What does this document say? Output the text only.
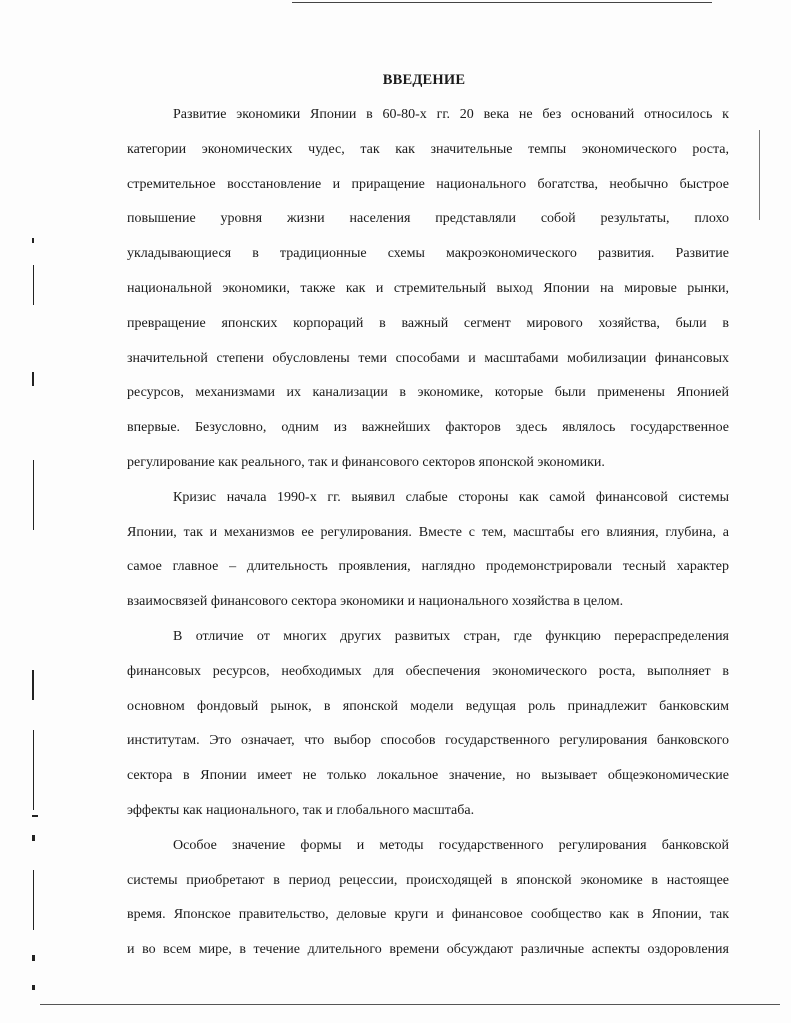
ВВЕДЕНИЕ
Развитие экономики Японии в 60-80-х гг. 20 века не без оснований относилось к
категории экономических чудес, так как значительные темпы экономического роста,
стремительное восстановление и приращение национального богатства, необычно быстрое
повышение уровня жизни населения представляли собой результаты, плохо
укладывающиеся в традиционные схемы макроэкономического развития. Развитие
национальной экономики, также как и стремительный выход Японии на мировые рынки,
превращение японских корпораций в важный сегмент мирового хозяйства, были в
значительной степени обусловлены теми способами и масштабами мобилизации финансовых
ресурсов, механизмами их канализации в экономике, которые были применены Японией
впервые. Безусловно, одним из важнейших факторов здесь являлось государственное
регулирование как реального, так и финансового секторов японской экономики.
Кризис начала 1990-х гг. выявил слабые стороны как самой финансовой системы
Японии, так и механизмов ее регулирования. Вместе с тем, масштабы его влияния, глубина, а
самое главное – длительность проявления, наглядно продемонстрировали тесный характер
взаимосвязей финансового сектора экономики и национального хозяйства в целом.
В отличие от многих других развитых стран, где функцию перераспределения
финансовых ресурсов, необходимых для обеспечения экономического роста, выполняет в
основном фондовый рынок, в японской модели ведущая роль принадлежит банковским
институтам. Это означает, что выбор способов государственного регулирования банковского
сектора в Японии имеет не только локальное значение, но вызывает общеэкономические
эффекты как национального, так и глобального масштаба.
Особое значение формы и методы государственного регулирования банковской
системы приобретают в период рецессии, происходящей в японской экономике в настоящее
время. Японское правительство, деловые круги и финансовое сообщество как в Японии, так
и во всем мире, в течение длительного времени обсуждают различные аспекты оздоровления
